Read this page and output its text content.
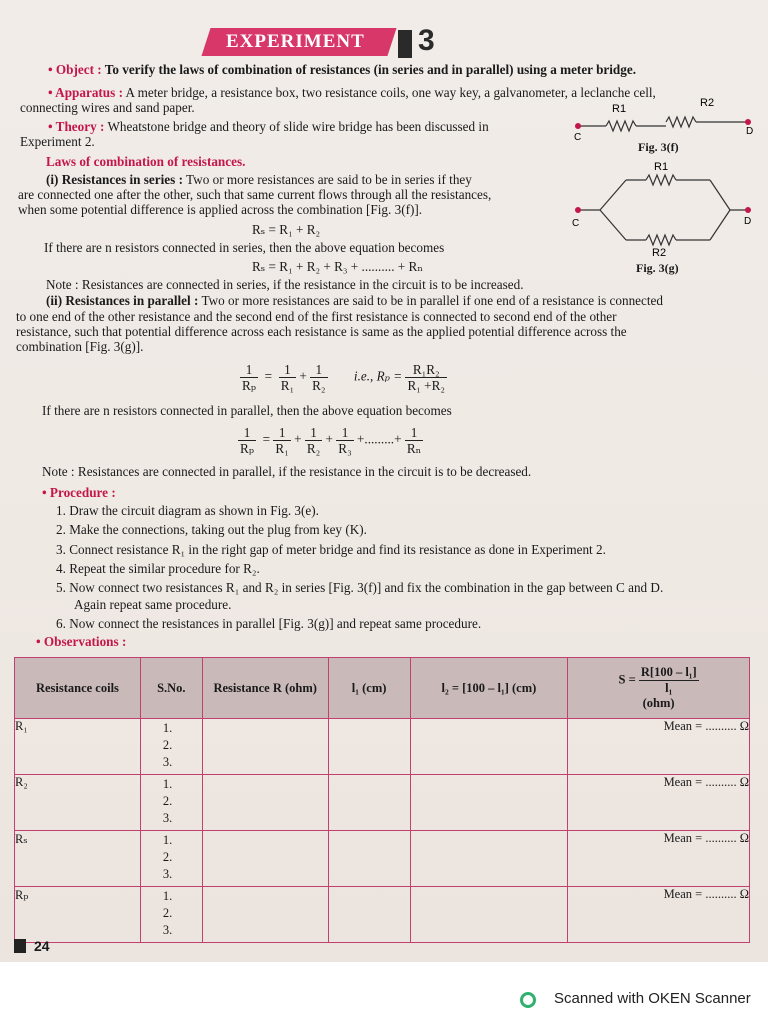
EXPERIMENT 3
• Object : To verify the laws of combination of resistances (in series and in parallel) using a meter bridge.
• Apparatus : A meter bridge, a resistance box, two resistance coils, one way key, a galvanometer, a leclanche cell,
connecting wires and sand paper.
• Theory : Wheatstone bridge and theory of slide wire bridge has been discussed in
Experiment 2.
Laws of combination of resistances.
(i) Resistances in series : Two or more resistances are said to be in series if they
are connected one after the other, such that same current flows through all the resistances,
when some potential difference is applied across the combination [Fig. 3(f)].
Rₛ = R₁ + R₂
If there are n resistors connected in series, then the above equation becomes
Rₛ = R₁ + R₂ + R₃ + .......... + Rₙ
Note : Resistances are connected in series, if the resistance in the circuit is to be increased.
R1	R2
C
D
Fig. 3(f)
R1
R2
C	D
Fig. 3(g)
(ii) Resistances in parallel : Two or more resistances are said to be in parallel if one end of a resistance is connected
to one end of the other resistance and the second end of the first resistance is connected to second end of the other
resistance, such that potential difference across each resistance is same as the applied potential difference across the
combination [Fig. 3(g)].
$\frac{1}{\text{Rₚ}} = \frac{1}{\text{R₁}} + \frac{1}{\text{R₂}} i.e$., $R_p = \frac{\text{R₁R₂}}{\text{R₁ +R₂}}$
If there are n resistors connected in parallel, then the above equation becomes
$\frac{1}{\text{Rₚ}} = \frac{1}{\text{R₁}} + \frac{1}{\text{R₂}} + \frac{1}{\text{R₃}}$ +.........+ $\frac{1}{\text{Rₙ}}$
Note : Resistances are connected in parallel, if the resistance in the circuit is to be decreased.
• Procedure :
1. Draw the circuit diagram as shown in Fig. 3(e).
2. Make the connections, taking out the plug from key (K).
3. Connect resistance R₁ in the right gap of meter bridge and find its resistance as done in Experiment 2.
4. Repeat the similar procedure for R₂.
5. Now connect two resistances R₁ and R₂ in series [Fig. 3(f)] and fix the combination in the gap between C and D.
Again repeat same procedure.
6. Now connect the resistances in parallel [Fig. 3(g)] and repeat same procedure.
• Observations :
Resistance coils	S.No.	Resistance R (ohm)	l₁ (cm)	l₂ = [100 – l₁] (cm)	$S = \frac{\text{R[100 – l₁]}}{\text{l₁}}$

(ohm)
R₁	1.
2.
3.				Mean = .......... Ω
R₂	1.
2.
3.				Mean = .......... Ω
Rₛ	1.
2.
3.				Mean = .......... Ω
Rₚ	1.
2.
3.				Mean = .......... Ω
24
Scanned with OKEN Scanner
